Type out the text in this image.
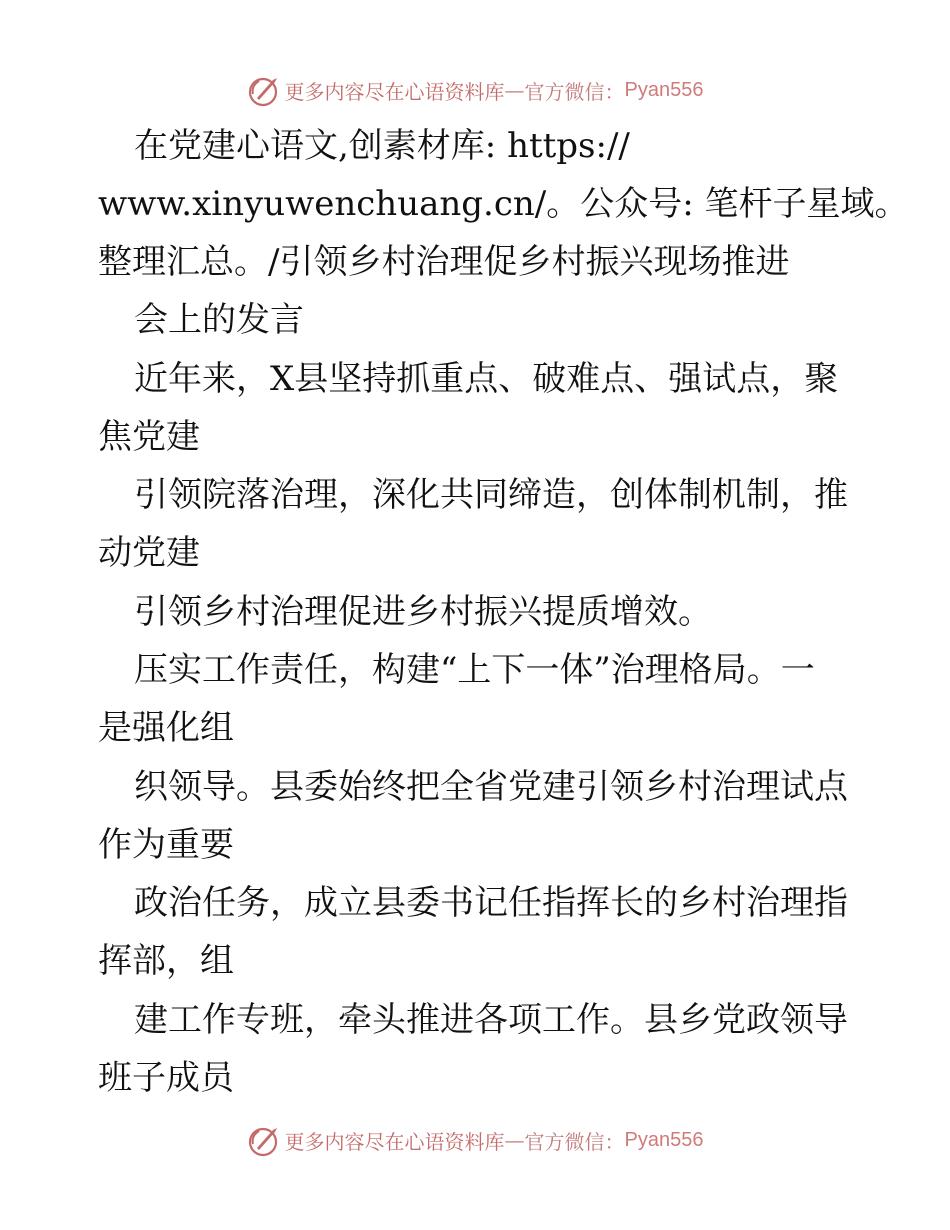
更多内容尽在心语资料库 — 官方微信： Pyan556
在党建心语文,创素材库: https://
www.xinyuwenchuang.cn/。公众号: 笔杆子星域。
整理汇总。/引领乡村治理促乡村振兴现场推进
会上的发言
近年来，X县坚持抓重点、破难点、强试点，聚
焦党建
引领院落治理，深化共同缔造，创体制机制，推
动党建
引领乡村治理促进乡村振兴提质增效。
压实工作责任，构建“上下一体”治理格局。一
是强化组
织领导。县委始终把全省党建引领乡村治理试点
作为重要
政治任务，成立县委书记任指挥长的乡村治理指
挥部，组
建工作专班，牵头推进各项工作。县乡党政领导
班子成员
更多内容尽在心语资料库 — 官方微信： Pyan556
